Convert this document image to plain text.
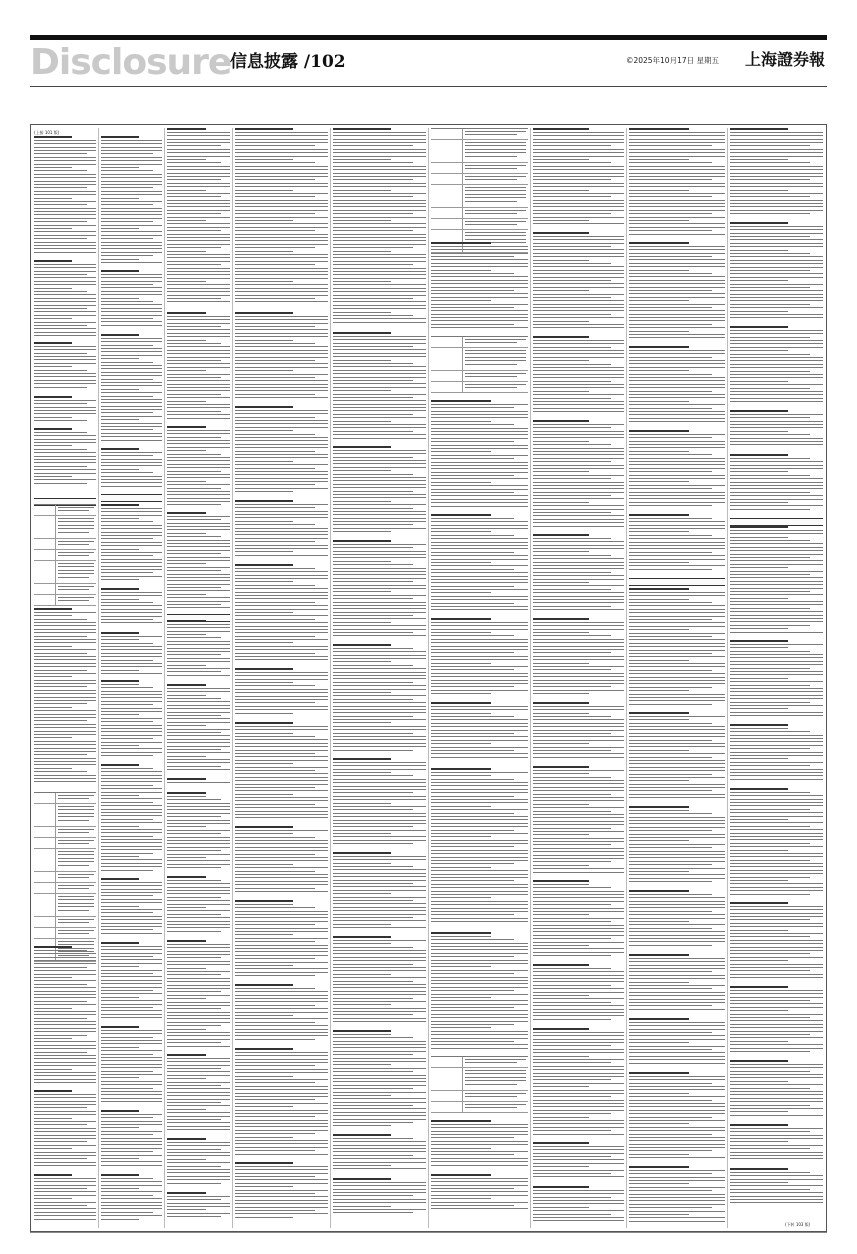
Disclosure
信息披露 /102	©2025年10月17日 星期五 上海證券報
(上接 101 版)
(下转 103 版)
